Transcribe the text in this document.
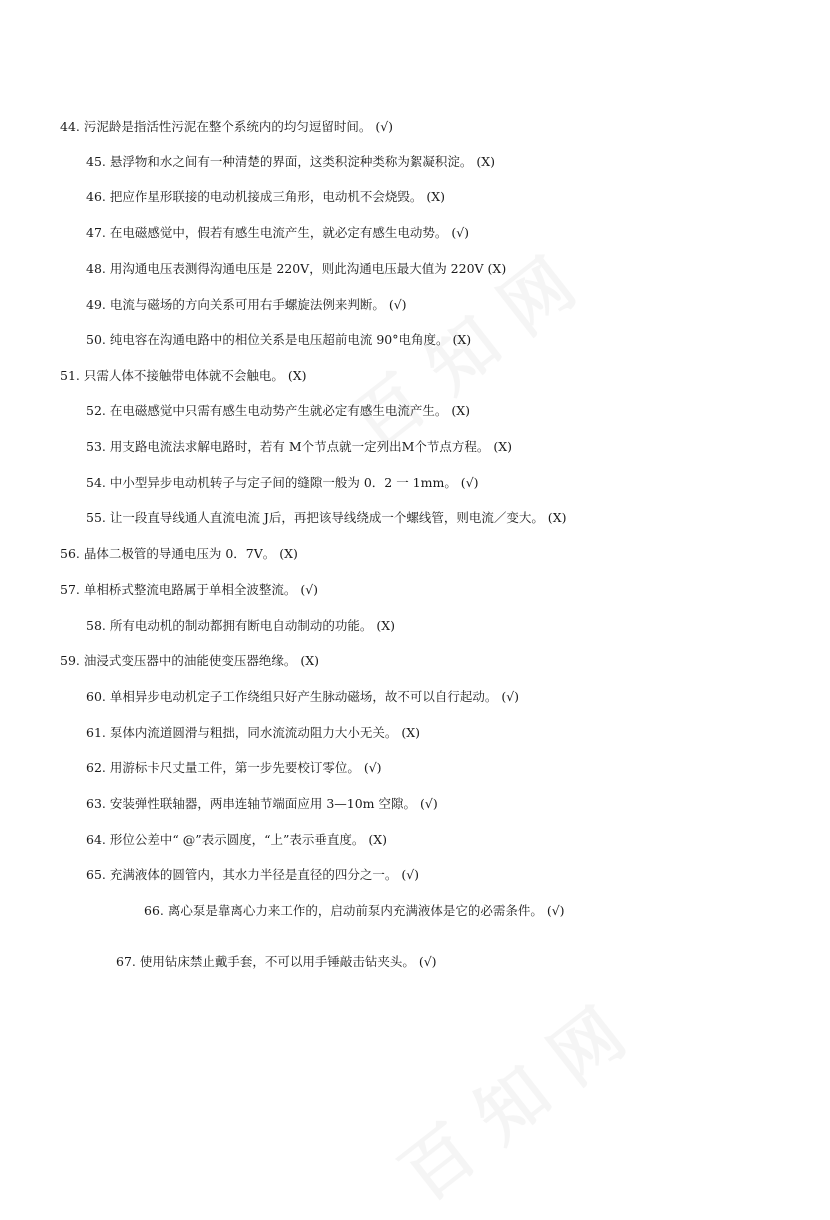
44. 污泥龄是指活性污泥在整个系统内的均匀逗留时间。 (√)
45. 悬浮物和水之间有一种清楚的界面，这类积淀种类称为絮凝积淀。 (X)
46. 把应作星形联接的电动机接成三角形，电动机不会烧毁。 (X)
47. 在电磁感觉中，假若有感生电流产生，就必定有感生电动势。 (√)
48. 用沟通电压表测得沟通电压是 220V，则此沟通电压最大值为 220V (X)
49. 电流与磁场的方向关系可用右手螺旋法例来判断。 (√)
50. 纯电容在沟通电路中的相位关系是电压超前电流 90°电角度。 (X)
51. 只需人体不接触带电体就不会触电。 (X)
52. 在电磁感觉中只需有感生电动势产生就必定有感生电流产生。 (X)
53. 用支路电流法求解电路时，若有 M个节点就一定列出M个节点方程。 (X)
54. 中小型异步电动机转子与定子间的缝隙一般为 0．2 一 1mm。 (√)
55. 让一段直导线通人直流电流 J后，再把该导线绕成一个螺线管，则电流／变大。 (X)
56. 晶体二极管的导通电压为 0．7V。 (X)
57. 单相桥式整流电路属于单相全波整流。 (√)
58. 所有电动机的制动都拥有断电自动制动的功能。 (X)
59. 油浸式变压器中的油能使变压器绝缘。 (X)
60. 单相异步电动机定子工作绕组只好产生脉动磁场，故不可以自行起动。 (√)
61. 泵体内流道圆滑与粗拙，同水流流动阻力大小无关。 (X)
62. 用游标卡尺丈量工件，第一步先要校订零位。 (√)
63. 安装弹性联轴器，两串连轴节端面应用 3—10m 空隙。 (√)
64. 形位公差中“ @”表示圆度，“上”表示垂直度。 (X)
65. 充满液体的圆管内，其水力半径是直径的四分之一。 (√)
66. 离心泵是靠离心力来工作的，启动前泵内充满液体是它的必需条件。 (√)
67. 使用钻床禁止戴手套，不可以用手锤敲击钻夹头。 (√)
